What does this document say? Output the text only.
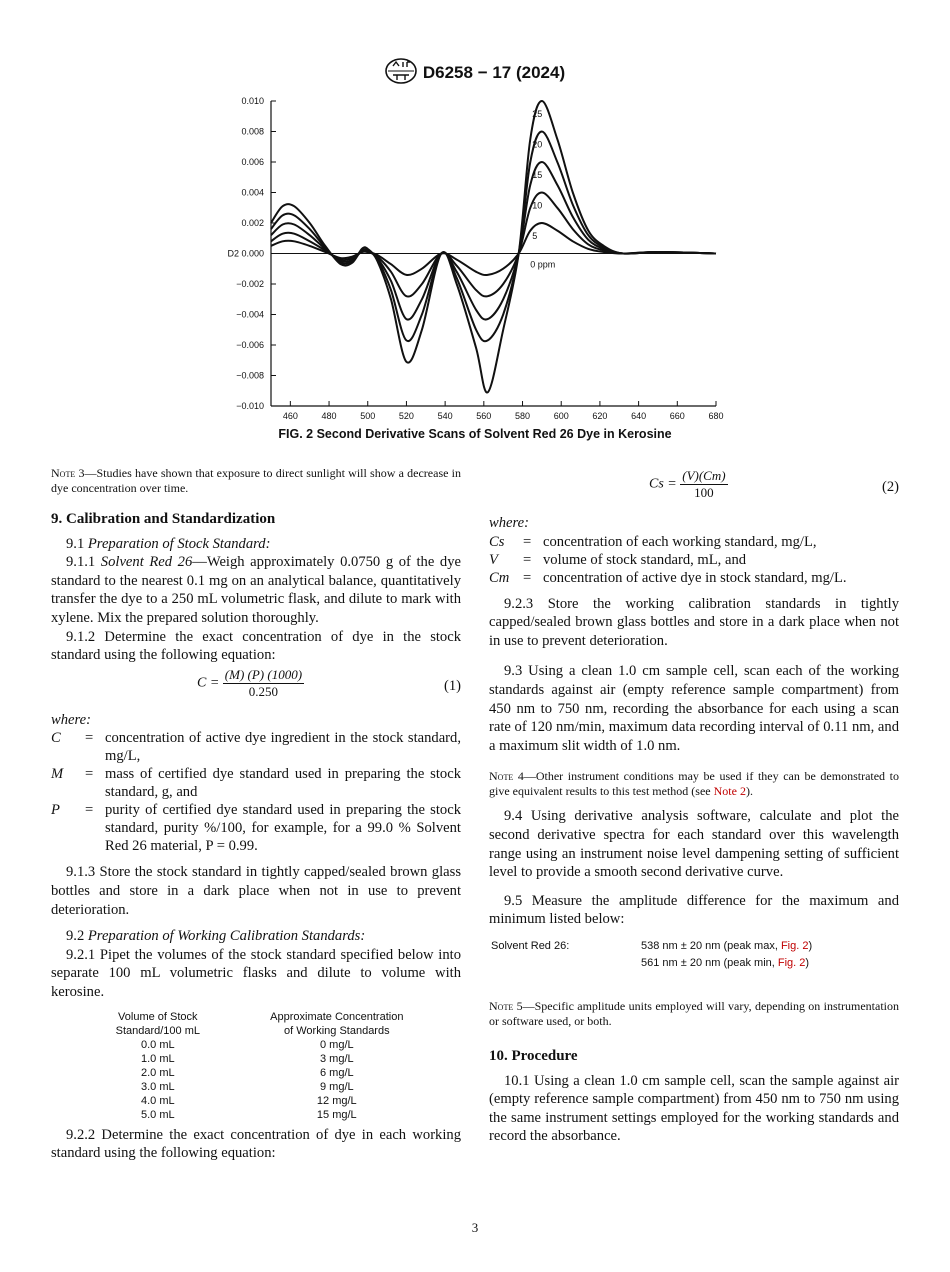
D6258 − 17 (2024)
0.010
0.008
0.006
0.004
0.002
D2 0.000
−0.002
−0.004
−0.006
−0.008
−0.010
460	480	500	520	540	560	580	600	620	640	660	680
0 ppm
5
10
15
20
25
FIG. 2 Second Derivative Scans of Solvent Red 26 Dye in Kerosine

Note 3—Studies have shown that exposure to direct sunlight will show a decrease in dye concentration over time.

9. Calibration and Standardization

9.1 Preparation of Stock Standard:

9.1.1 Solvent Red 26—Weigh approximately 0.0750 g of the dye standard to the nearest 0.1 mg on an analytical balance, quantitatively transfer the dye to a 250 mL volumetric flask, and dilute to mark with xylene. Mix the prepared solution thoroughly.

9.1.2 Determine the exact concentration of dye in the stock standard using the following equation:

$C = \frac{(M) (P) (1000)}{0.250}$	(1)

where:

C	=	concentration of active dye ingredient in the stock standard, mg/L,
M	=	mass of certified dye standard used in preparing the stock standard, g, and
P	=	purity of certified dye standard used in preparing the stock standard, purity %/100, for example, for a 99.0 % Solvent Red 26 material, P = 0.99.

9.1.3 Store the stock standard in tightly capped/sealed brown glass bottles and store in a dark place when not in use to prevent deterioration.

9.2 Preparation of Working Calibration Standards:

9.2.1 Pipet the volumes of the stock standard specified below into separate 100 mL volumetric flasks and dilute to volume with kerosine.

Volume of Stock	Approximate Concentration
Standard/100 mL	of Working Standards
0.0 mL	0 mg/L
1.0 mL	3 mg/L
2.0 mL	6 mg/L
3.0 mL	9 mg/L
4.0 mL	12 mg/L
5.0 mL	15 mg/L

9.2.2 Determine the exact concentration of dye in each working standard using the following equation:

$Cs = \frac{(V)(Cm)}{100}$	(2)

where:

Cs	=	concentration of each working standard, mg/L,
V	=	volume of stock standard, mL, and
Cm	=	concentration of active dye in stock standard, mg/L.

9.2.3 Store the working calibration standards in tightly capped/sealed brown glass bottles and store in a dark place when not in use to prevent deterioration.

9.3 Using a clean 1.0 cm sample cell, scan each of the working standards against air (empty reference sample compartment) from 450 nm to 750 nm, recording the absorbance for each using a scan rate of 120 nm/min, maximum data recording interval of 0.11 nm, and a maximum slit width of 1.0 nm.

Note 4—Other instrument conditions may be used if they can be demonstrated to give equivalent results to this test method (see Note 2).

9.4 Using derivative analysis software, calculate and plot the second derivative spectra for each standard over this wavelength range using an instrument noise level dampening setting of sufficient level to provide a smooth second derivative curve.

9.5 Measure the amplitude difference for the maximum and minimum listed below:

Solvent Red 26:	538 nm ± 20 nm (peak max, Fig. 2)
	561 nm ± 20 nm (peak min, Fig. 2)

Note 5—Specific amplitude units employed will vary, depending on instrumentation or software used, or both.

10. Procedure

10.1 Using a clean 1.0 cm sample cell, scan the sample against air (empty reference sample compartment) from 450 nm to 750 nm using the same instrument settings employed for the working standards and record the absorbance.

3
